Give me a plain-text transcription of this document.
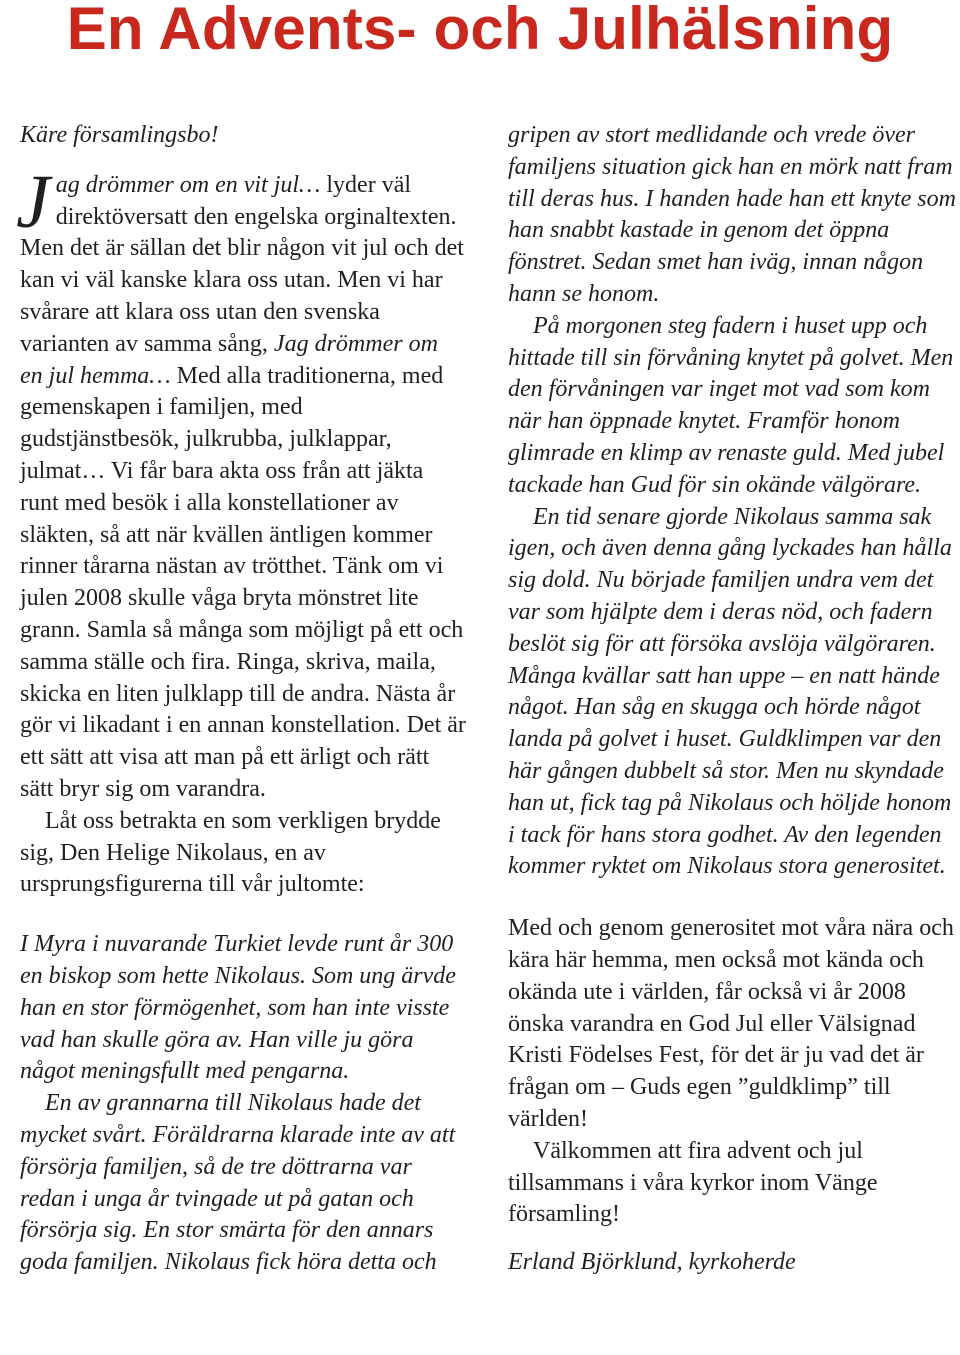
En Advents- och Julhälsning

Käre församlingsbo!

Jag drömmer om en vit jul… lyder väl direktöversatt den engelska orginaltexten. Men det är sällan det blir någon vit jul och det kan vi väl kanske klara oss utan. Men vi har svårare att klara oss utan den svenska varianten av samma sång, Jag drömmer om en jul hemma… Med alla traditionerna, med gemenskapen i familjen, med gudstjänstbesök, julkrubba, julklappar, julmat… Vi får bara akta oss från att jäkta runt med besök i alla konstellationer av släkten, så att när kvällen äntligen kommer rinner tårarna nästan av trötthet. Tänk om vi julen 2008 skulle våga bryta mönstret lite grann. Samla så många som möjligt på ett och samma ställe och fira. Ringa, skriva, maila, skicka en liten julklapp till de andra. Nästa år gör vi likadant i en annan konstellation. Det är ett sätt att visa att man på ett ärligt och rätt sätt bryr sig om varandra.

Låt oss betrakta en som verkligen brydde sig, Den Helige Nikolaus, en av ursprungsfigurerna till vår jultomte:

I Myra i nuvarande Turkiet levde runt år 300 en biskop som hette Nikolaus. Som ung ärvde han en stor förmögenhet, som han inte visste vad han skulle göra av. Han ville ju göra något meningsfullt med pengarna.

En av grannarna till Nikolaus hade det mycket svårt. Föräldrarna klarade inte av att försörja familjen, så de tre döttrarna var redan i unga år tvingade ut på gatan och försörja sig. En stor smärta för den annars goda familjen. Nikolaus fick höra detta och

gripen av stort medlidande och vrede över familjens situation gick han en mörk natt fram till deras hus. I handen hade han ett knyte som han snabbt kastade in genom det öppna fönstret. Sedan smet han iväg, innan någon hann se honom.

På morgonen steg fadern i huset upp och hittade till sin förvåning knytet på golvet. Men den förvåningen var inget mot vad som kom när han öppnade knytet. Framför honom glimrade en klimp av renaste guld. Med jubel tackade han Gud för sin okände välgörare.

En tid senare gjorde Nikolaus samma sak igen, och även denna gång lyckades han hålla sig dold. Nu började familjen undra vem det var som hjälpte dem i deras nöd, och fadern beslöt sig för att försöka avslöja välgöraren. Många kvällar satt han uppe – en natt hände något. Han såg en skugga och hörde något landa på golvet i huset. Guldklimpen var den här gången dubbelt så stor. Men nu skyndade han ut, fick tag på Nikolaus och höljde honom i tack för hans stora godhet. Av den legenden kommer ryktet om Nikolaus stora generositet.

Med och genom generositet mot våra nära och kära här hemma, men också mot kända och okända ute i världen, får också vi år 2008 önska varandra en God Jul eller Välsignad Kristi Födelses Fest, för det är ju vad det är frågan om – Guds egen ”guldklimp” till världen!

Välkommen att fira advent och jul tillsammans i våra kyrkor inom Vänge församling!

Erland Björklund, kyrkoherde
